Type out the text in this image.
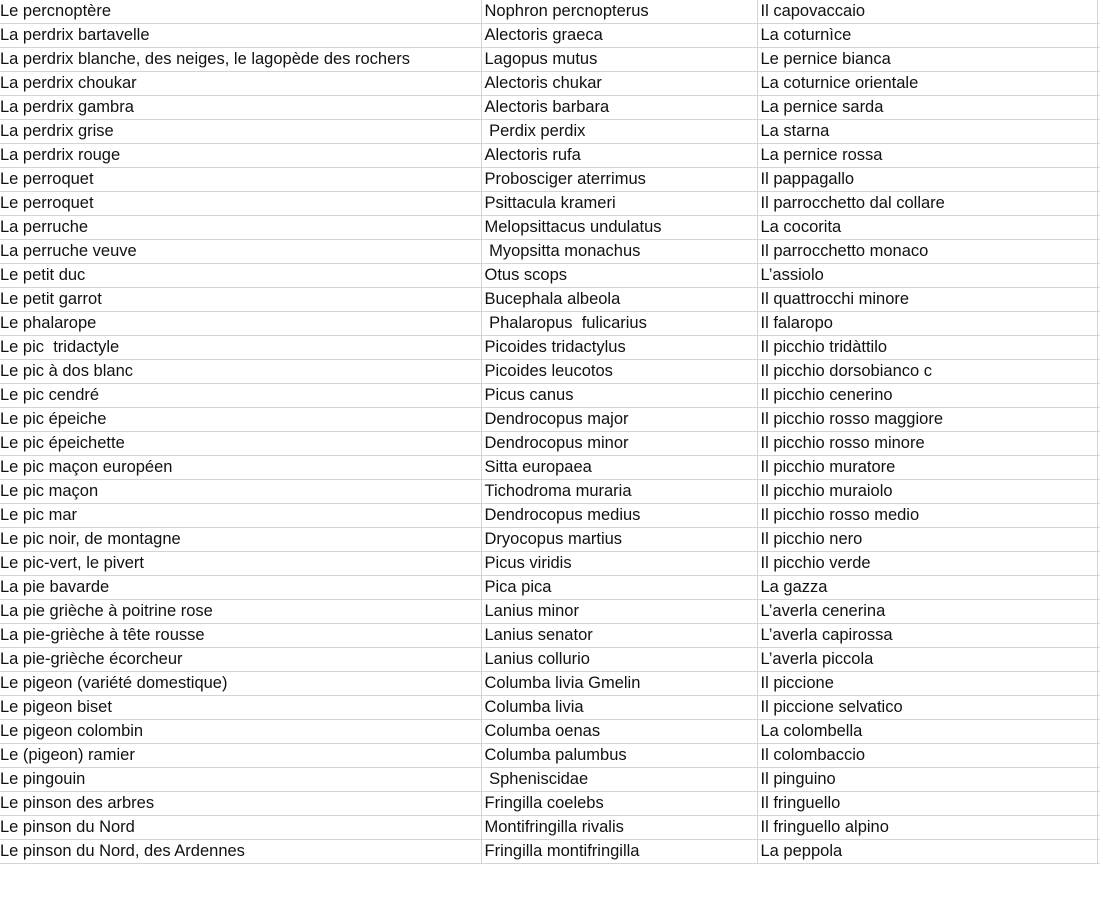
Le percnoptère	Nophron percnopterus	Il capovaccaio	
La perdrix bartavelle	Alectoris graeca	La coturnìce	
La perdrix blanche, des neiges, le lagopède des rochers	Lagopus mutus	Le pernice bianca	
La perdrix choukar	Alectoris chukar	La coturnice orientale	
La perdrix gambra	Alectoris barbara	La pernice sarda	
La perdrix grise	Perdix perdix	La starna	
La perdrix rouge	Alectoris rufa	La pernice rossa	
Le perroquet	Probosciger aterrimus	Il pappagallo	
Le perroquet	Psittacula krameri	Il parrocchetto dal collare	
La perruche	Melopsittacus undulatus	La cocorita	
La perruche veuve	Myopsitta monachus	Il parrocchetto monaco	
Le petit duc	Otus scops	L’assiolo	
Le petit garrot	Bucephala albeola	Il quattrocchi minore	
Le phalarope	Phalaropus  fulicarius	Il falaropo	
Le pic  tridactyle	Picoides tridactylus	Il picchio tridàttilo	
Le pic à dos blanc	Picoides leucotos	Il picchio dorsobianco c	
Le pic cendré	Picus canus	Il picchio cenerino	
Le pic épeiche	Dendrocopus major	Il picchio rosso maggiore	
Le pic épeichette	Dendrocopus minor	Il picchio rosso minore	
Le pic maçon européen	Sitta europaea	Il picchio muratore	
Le pic maçon	Tichodroma muraria	Il picchio muraiolo	
Le pic mar	Dendrocopus medius	Il picchio rosso medio	
Le pic noir, de montagne	Dryocopus martius	Il picchio nero	
Le pic-vert, le pivert	Picus viridis	Il picchio verde	
La pie bavarde	Pica pica	La gazza	
La pie grièche à poitrine rose	Lanius minor	L’averla cenerina	
La pie-grièche à tête rousse	Lanius senator	L’averla capirossa	
La pie-grièche écorcheur	Lanius collurio	L’averla piccola	
Le pigeon (variété domestique)	Columba livia Gmelin	Il piccione	
Le pigeon biset	Columba livia	Il piccione selvatico	
Le pigeon colombin	Columba oenas	La colombella	
Le (pigeon) ramier	Columba palumbus	Il colombaccio	
Le pingouin	Spheniscidae	Il pinguino	
Le pinson des arbres	Fringilla coelebs	Il fringuello	
Le pinson du Nord	Montifringilla rivalis	Il fringuello alpino	
Le pinson du Nord, des Ardennes	Fringilla montifringilla	La peppola	
